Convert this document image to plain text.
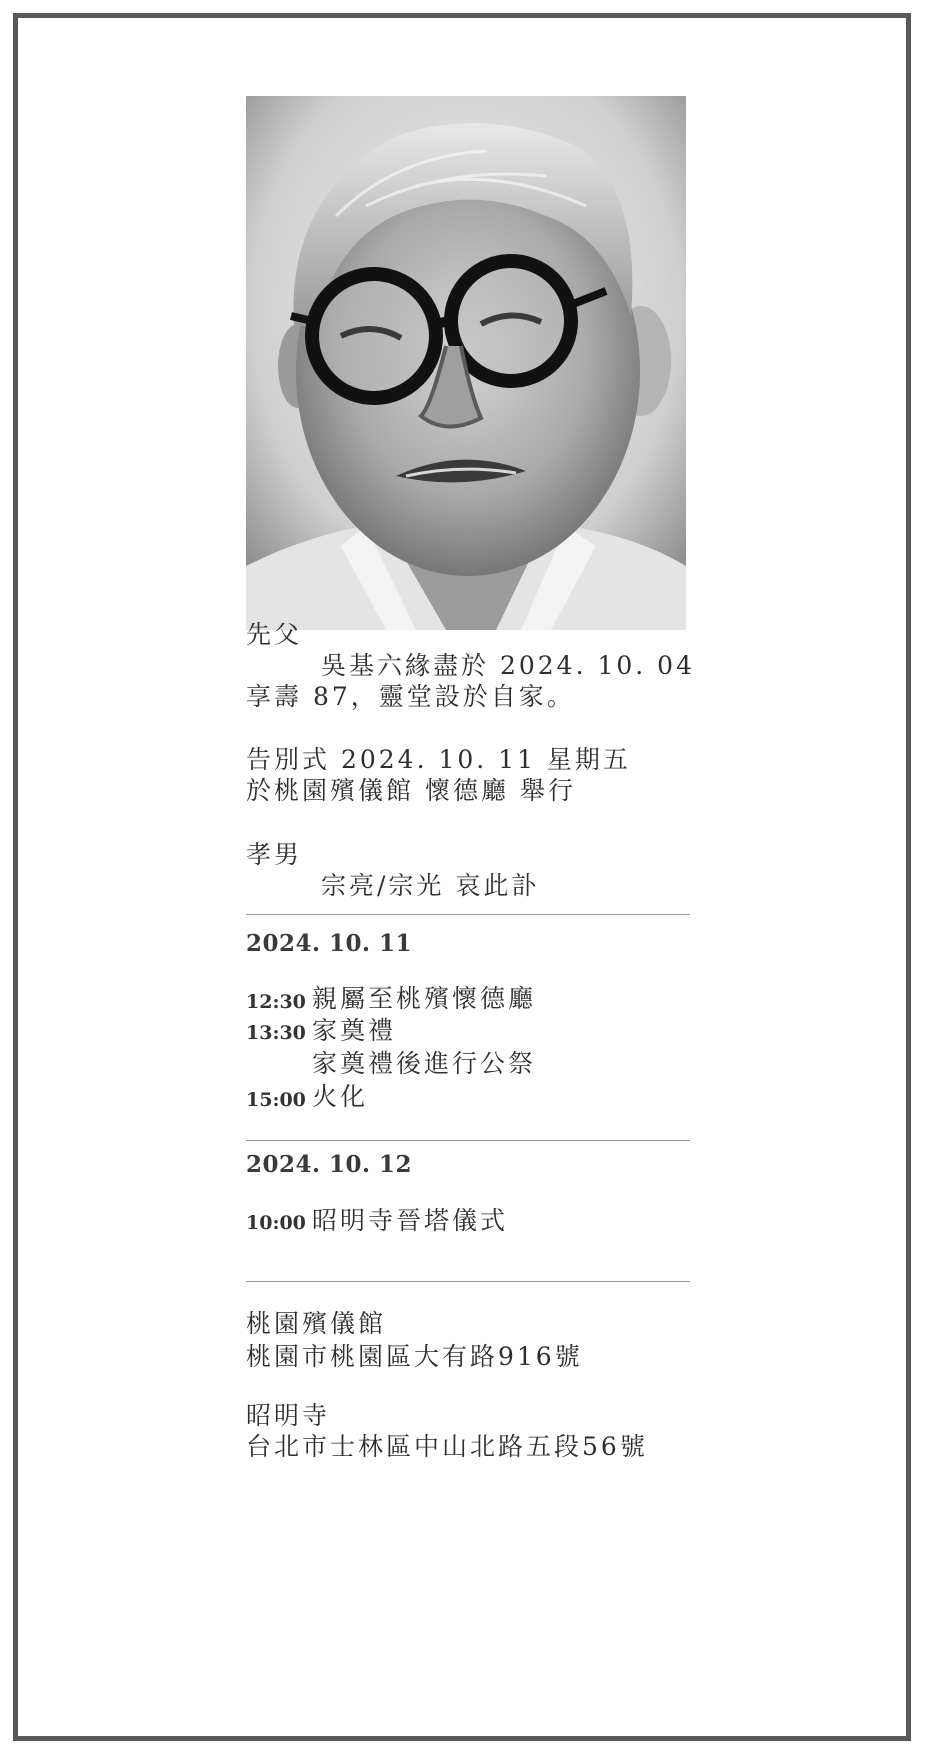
先父
吳基六緣盡於 2024. 10. 04
享壽 87，靈堂設於自家。
告別式 2024. 10. 11 星期五
於桃園殯儀館 懷德廳 舉行
孝男
宗亮/宗光 哀此訃
2024. 10. 11
12:30 親屬至桃殯懷德廳
13:30 家奠禮
家奠禮後進行公祭
15:00 火化
2024. 10. 12
10:00 昭明寺晉塔儀式
桃園殯儀館
桃園市桃園區大有路916號
昭明寺
台北市士林區中山北路五段56號
